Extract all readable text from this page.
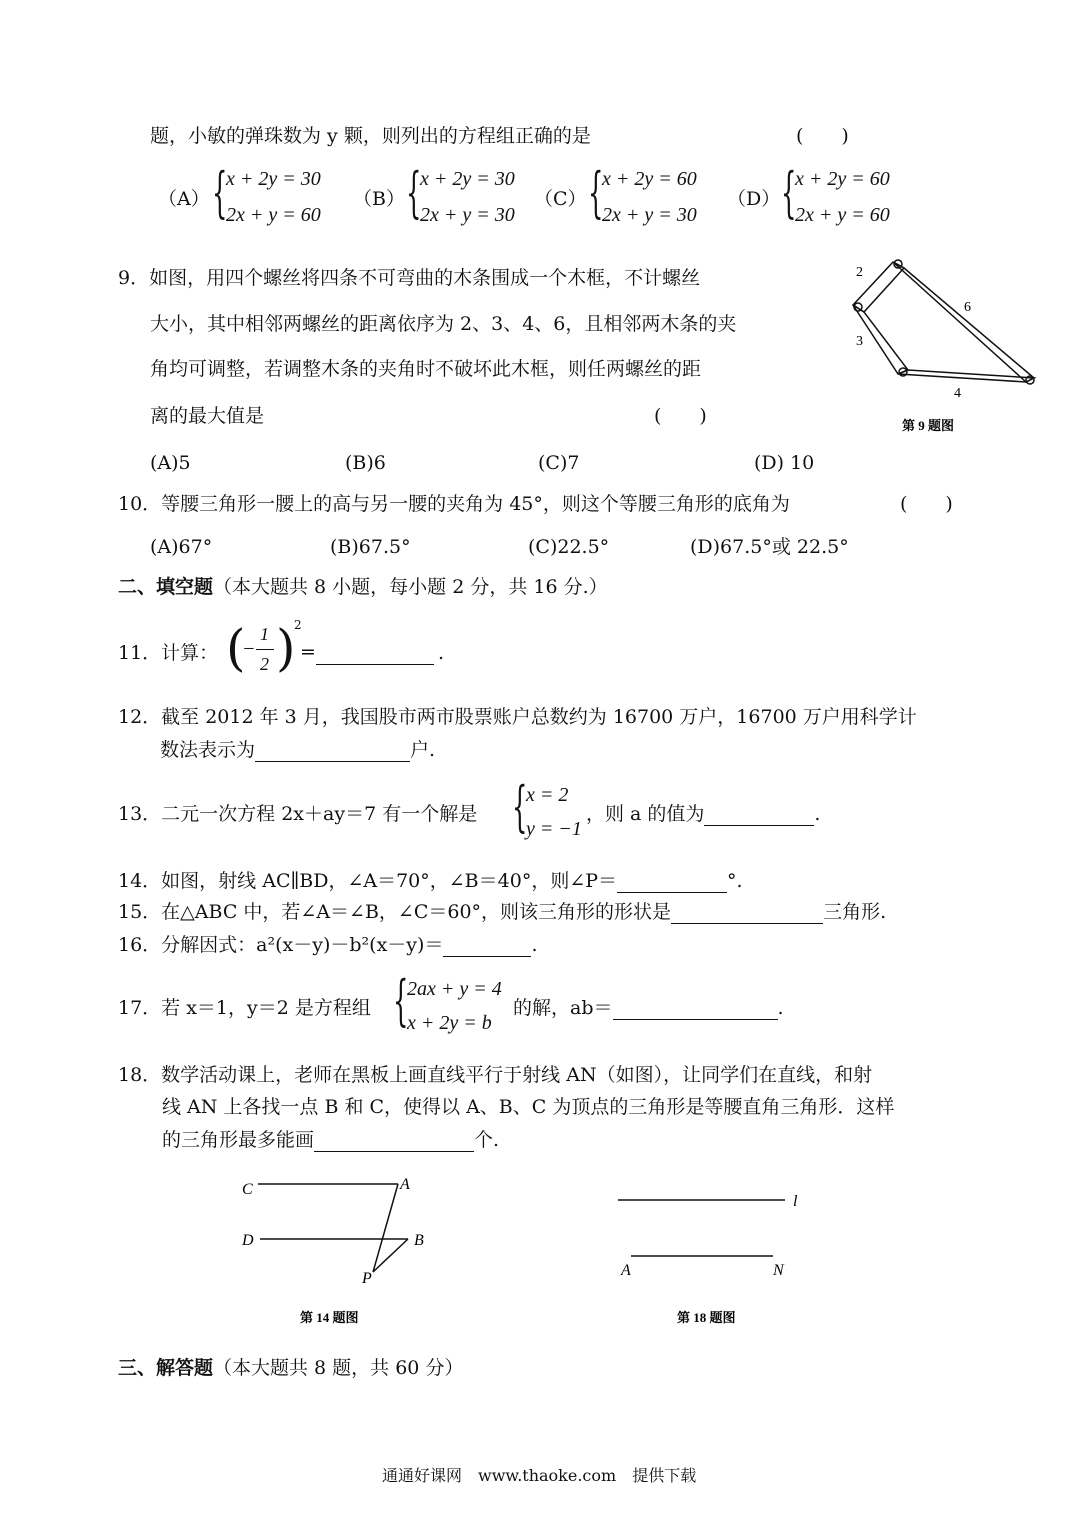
题，小敏的弹珠数为 y 颗，则列出的方程组正确的是	(　　)
（A） {
x + 2y = 30
2x + y = 60
（B） {
x + 2y = 30
2x + y = 30
（C） {
x + 2y = 60
2x + y = 30
（D） {
x + 2y = 60
2x + y = 60
9．如图，用四个螺丝将四条不可弯曲的木条围成一个木框，不计螺丝
大小，其中相邻两螺丝的距离依序为 2、3、4、6，且相邻两木条的夹
角均可调整，若调整木条的夹角时不破坏此木框，则任两螺丝的距
离的最大值是	(　　)
2
6
3
4
第 9 题图
(A)5	(B)6	(C)7	(D) 10
10．等腰三角形一腰上的高与另一腰的夹角为 45°，则这个等腰三角形的底角为	(　　)
(A)67°	(B)67.5°	(C)22.5°	(D)67.5°或 22.5°
二、填空题（本大题共 8 小题，每小题 2 分，共 16 分.）
11．计算： (
−
1
2 )
2
=	.
12．截至 2012 年 3 月，我国股市两市股票账户总数约为 16700 万户，16700 万户用科学计
数法表示为	户.
13．二元一次方程 2x＋ay＝7 有一个解是 {
x = 2
y = −1
，则 a 的值为	.
14．如图，射线 AC∥BD，∠A＝70°，∠B＝40°，则∠P＝	°.
15．在△ABC 中，若∠A＝∠B，∠C＝60°，则该三角形的形状是	三角形.
16．分解因式：a²(x－y)－b²(x－y)＝	.
17．若 x＝1，y＝2 是方程组 {
2ax + y = 4
x + 2y = b
的解，ab＝	.
18．数学活动课上，老师在黑板上画直线平行于射线 AN（如图），让同学们在直线，和射
线 AN 上各找一点 B 和 C，使得以 A、B、C 为顶点的三角形是等腰直角三角形．这样
的三角形最多能画	个.
C	A
D	B
P
第 14 题图
l
A	N
第 18 题图
三、解答题（本大题共 8 题，共 60 分）
通通好课网　www.thaoke.com　提供下载
